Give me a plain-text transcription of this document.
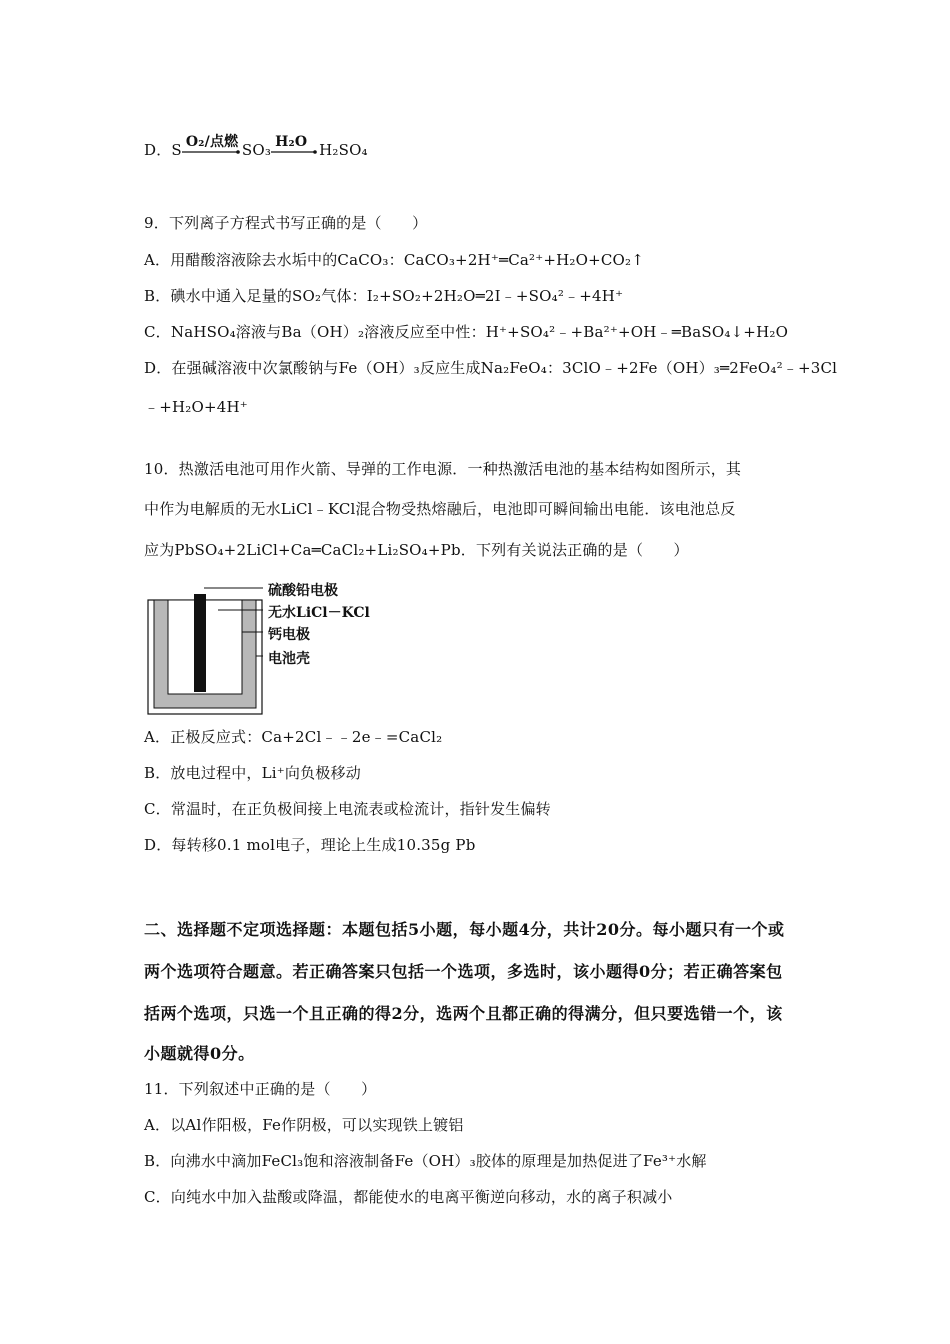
D．S O₂/点燃 SO₃ H₂O H₂SO₄
9．下列离子方程式书写正确的是（　　）
A．用醋酸溶液除去水垢中的CaCO₃：CaCO₃+2H⁺═Ca²⁺+H₂O+CO₂↑
B．碘水中通入足量的SO₂气体：I₂+SO₂+2H₂O═2I﹣+SO₄²﹣+4H⁺
C．NaHSO₄溶液与Ba（OH）₂溶液反应至中性：H⁺+SO₄²﹣+Ba²⁺+OH﹣═BaSO₄↓+H₂O
D．在强碱溶液中次氯酸钠与Fe（OH）₃反应生成Na₂FeO₄：3ClO﹣+2Fe（OH）₃═2FeO₄²﹣+3Cl
﹣+H₂O+4H⁺
10．热激活电池可用作火箭、导弹的工作电源．一种热激活电池的基本结构如图所示，其
中作为电解质的无水LiCl﹣KCl混合物受热熔融后，电池即可瞬间输出电能．该电池总反
应为PbSO₄+2LiCl+Ca═CaCl₂+Li₂SO₄+Pb．下列有关说法正确的是（　　）
硫酸铅电极
无水LiCl－KCl
钙电极
电池壳
A．正极反应式：Ca+2Cl﹣﹣2e﹣=CaCl₂
B．放电过程中，Li⁺向负极移动
C．常温时，在正负极间接上电流表或检流计，指针发生偏转
D．每转移0.1 mol电子，理论上生成10.35g Pb
二、选择题不定项选择题：本题包括5小题，每小题4分，共计20分。每小题只有一个或
两个选项符合题意。若正确答案只包括一个选项，多选时，该小题得0分；若正确答案包
括两个选项，只选一个且正确的得2分，选两个且都正确的得满分，但只要选错一个，该
小题就得0分。
11．下列叙述中正确的是（　　）
A．以Al作阳极，Fe作阴极，可以实现铁上镀铝
B．向沸水中滴加FeCl₃饱和溶液制备Fe（OH）₃胶体的原理是加热促进了Fe³⁺水解
C．向纯水中加入盐酸或降温，都能使水的电离平衡逆向移动，水的离子积减小
